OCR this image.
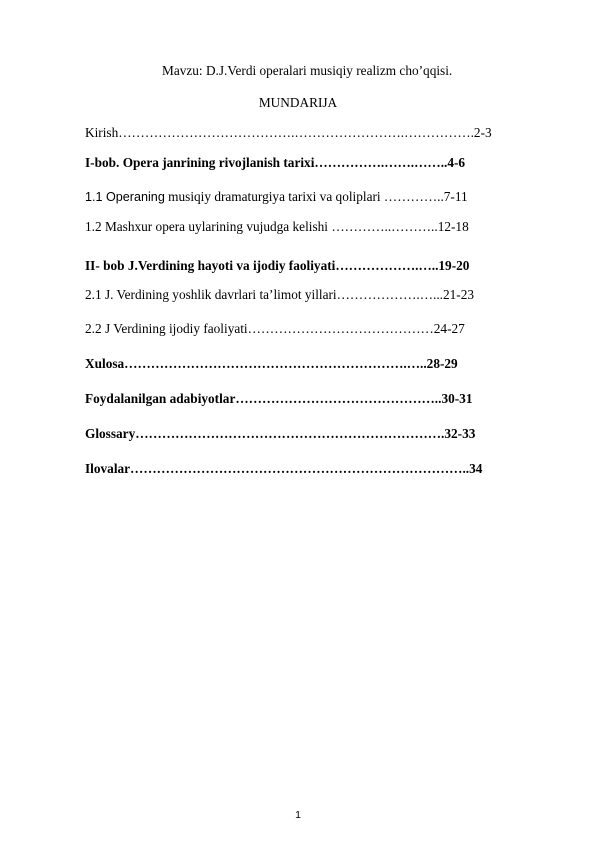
Mavzu: D.J.Verdi operalari musiqiy realizm cho’qqisi.
MUNDARIJA
Kirish………………………………….…………………….…………….2-3
I-bob. Opera janrining rivojlanish tarixi…………….…….……..4-6
1.1 Operaning musiqiy dramaturgiya tarixi va qoliplari …………..7-11
1.2 Mashxur opera uylarining vujudga kelishi …………..………..12-18
II- bob J.Verdining hayoti va ijodiy faoliyati……………….…..19-20
2.1 J. Verdining yoshlik davrlari ta’limot yillari……………….…...21-23
2.2 J Verdining ijodiy faoliyati……………………………………24-27
Xulosa……………………………………………………….…..28-29
Foydalanilgan adabiyotlar………………………………………..30-31
Glossary…………………………………………………………….32-33
Ilovalar…………………………………………………………………..34
1
